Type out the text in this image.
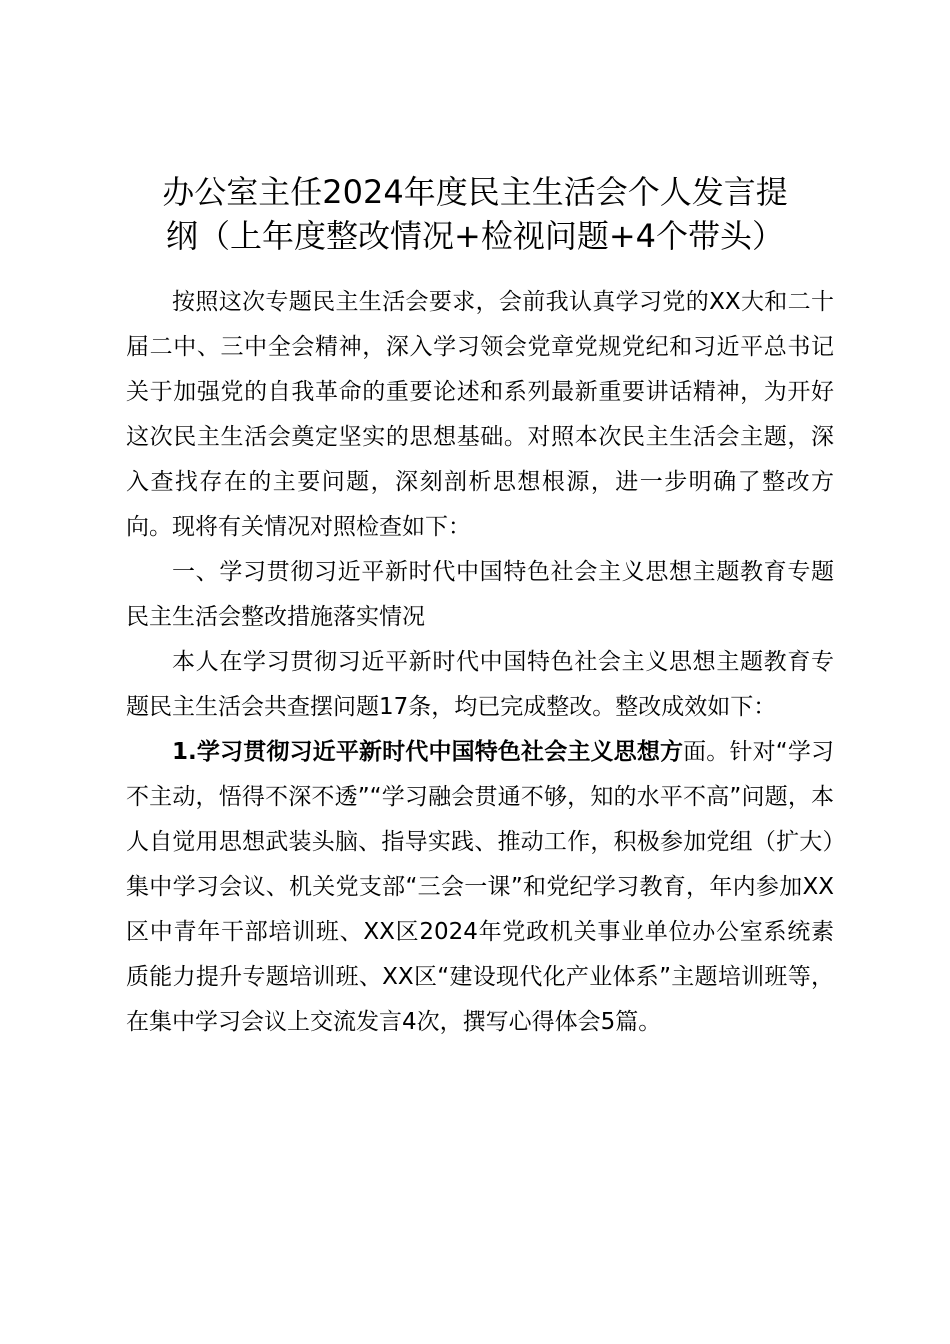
办公室主任2024年度民主生活会个人发言提
纲（上年度整改情况+检视问题+4个带头）

按照这次专题民主生活会要求，会前我认真学习党的XX大和二十届二中、三中全会精神，深入学习领会党章党规党纪和习近平总书记关于加强党的自我革命的重要论述和系列最新重要讲话精神，为开好这次民主生活会奠定坚实的思想基础。对照本次民主生活会主题，深入查找存在的主要问题，深刻剖析思想根源，进一步明确了整改方向。现将有关情况对照检查如下：

一、学习贯彻习近平新时代中国特色社会主义思想主题教育专题民主生活会整改措施落实情况

本人在学习贯彻习近平新时代中国特色社会主义思想主题教育专题民主生活会共查摆问题17条，均已完成整改。整改成效如下：

1.学习贯彻习近平新时代中国特色社会主义思想方面。针对“学习不主动，悟得不深不透”“学习融会贯通不够，知的水平不高”问题，本人自觉用思想武装头脑、指导实践、推动工作，积极参加党组（扩大）集中学习会议、机关党支部“三会一课”和党纪学习教育，年内参加XX区中青年干部培训班、XX区2024年党政机关事业单位办公室系统素质能力提升专题培训班、XX区“建设现代化产业体系”主题培训班等，在集中学习会议上交流发言4次，撰写心得体会5篇。
